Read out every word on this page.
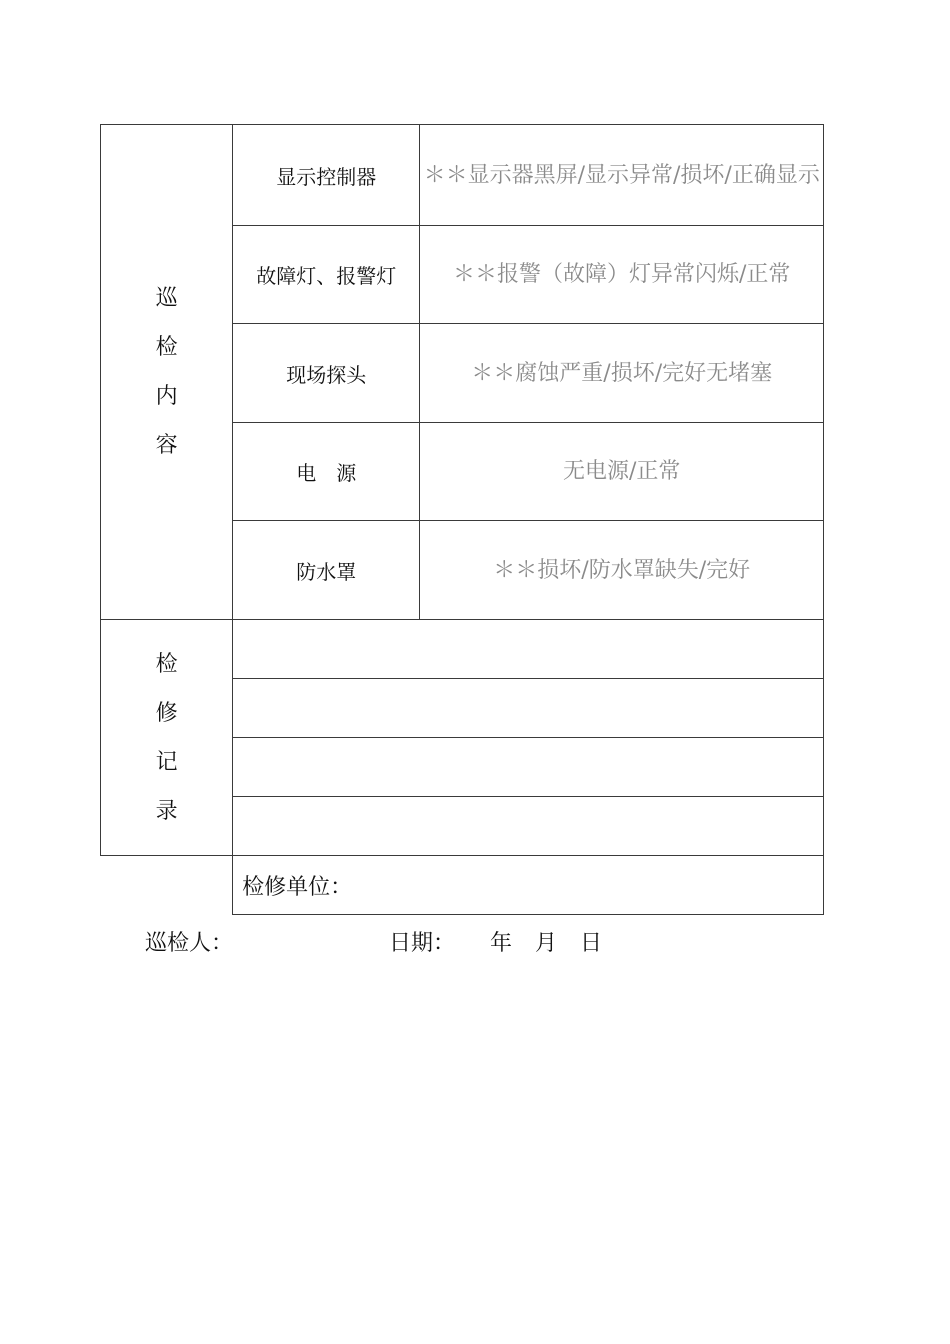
巡
检
内
容	显示控制器	＊＊显示器黑屏/显示异常/损坏/正确显示
	故障灯、报警灯	＊＊报警（故障）灯异常闪烁/正常
	现场探头	＊＊腐蚀严重/损坏/完好无堵塞
	电　源	无电源/正常
	防水罩	＊＊损坏/防水罩缺失/完好

检
修
记
录		

	检修单位：	
巡检人：	日期： 年 月 日
